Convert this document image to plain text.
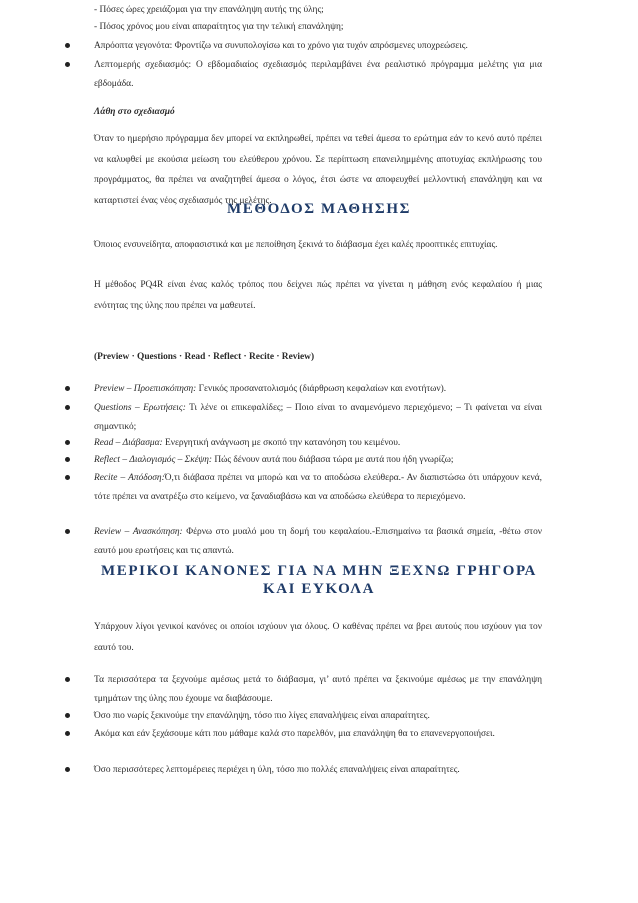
- Πόσες ώρες χρειάζομαι για την επανάληψη αυτής της ύλης;
- Πόσος χρόνος μου είναι απαραίτητος για την τελική επανάληψη;
Απρόοπτα γεγονότα: Φροντίζω να συνυπολογίσω και το χρόνο για τυχόν απρόσμενες υποχρεώσεις.
Λεπτομερής σχεδιασμός: Ο εβδομαδιαίος σχεδιασμός περιλαμβάνει ένα ρεαλιστικό πρόγραμμα μελέτης για μια εβδομάδα.
Λάθη στο σχεδιασμό
Όταν το ημερήσιο πρόγραμμα δεν μπορεί να εκπληρωθεί, πρέπει να τεθεί άμεσα το ερώτημα εάν το κενό αυτό πρέπει να καλυφθεί με εκούσια μείωση του ελεύθερου χρόνου. Σε περίπτωση επανειλημμένης αποτυχίας εκπλήρωσης του προγράμματος, θα πρέπει να αναζητηθεί άμεσα ο λόγος, έτσι ώστε να αποφευχθεί μελλοντική επανάληψη και να καταρτιστεί ένας νέος σχεδιασμός της μελέτης.
ΜΕΘΟΔΟΣ ΜΑΘΗΣΗΣ
Όποιος ενσυνείδητα, αποφασιστικά και με πεποίθηση ξεκινά το διάβασμα έχει καλές προοπτικές επιτυχίας.
Η μέθοδος PQ4R είναι ένας καλός τρόπος που δείχνει πώς πρέπει να γίνεται η μάθηση ενός κεφαλαίου ή μιας ενότητας της ύλης που πρέπει να μαθευτεί.
(Preview · Questions · Read · Reflect · Recite · Review)
Preview – Προεπισκόπηση: Γενικός προσανατολισμός (διάρθρωση κεφαλαίων και ενοτήτων).
Questions – Ερωτήσεις: Τι λένε οι επικεφαλίδες; – Ποιο είναι το αναμενόμενο περιεχόμενο; – Τι φαίνεται να είναι σημαντικό;
Read – Διάβασμα: Ενεργητική ανάγνωση με σκοπό την κατανόηση του κειμένου.
Reflect – Διαλογισμός – Σκέψη: Πώς δένουν αυτά που διάβασα τώρα με αυτά που ήδη γνωρίζω;
Recite – Απόδοση:Ό,τι διάβασα πρέπει να μπορώ και να το αποδώσω ελεύθερα.- Αν διαπιστώσω ότι υπάρχουν κενά, τότε πρέπει να ανατρέξω στο κείμενο, να ξαναδιαβάσω και να αποδώσω ελεύθερα το περιεχόμενο.
Review – Ανασκόπηση: Φέρνω στο μυαλό μου τη δομή του κεφαλαίου.-Επισημαίνω τα βασικά σημεία, -θέτω στον εαυτό μου ερωτήσεις και τις απαντώ.
ΜΕΡΙΚΟΙ ΚΑΝΟΝΕΣ ΓΙΑ ΝΑ ΜΗΝ ΞΕΧΝΩ ΓΡΗΓΟΡΑ
ΚΑΙ ΕΥΚΟΛΑ
Υπάρχουν λίγοι γενικοί κανόνες οι οποίοι ισχύουν για όλους. Ο καθένας πρέπει να βρει αυτούς που ισχύουν για τον εαυτό του.
Τα περισσότερα τα ξεχνούμε αμέσως μετά το διάβασμα, γι’ αυτό πρέπει να ξεκινούμε αμέσως με την επανάληψη τμημάτων της ύλης που έχουμε να διαβάσουμε.
Όσο πιο νωρίς ξεκινούμε την επανάληψη, τόσο πιο λίγες επαναλήψεις είναι απαραίτητες.
Ακόμα και εάν ξεχάσουμε κάτι που μάθαμε καλά στο παρελθόν, μια επανάληψη θα το επανενεργοποιήσει.
Όσο περισσότερες λεπτομέρειες περιέχει η ύλη, τόσο πιο πολλές επαναλήψεις είναι απαραίτητες.
